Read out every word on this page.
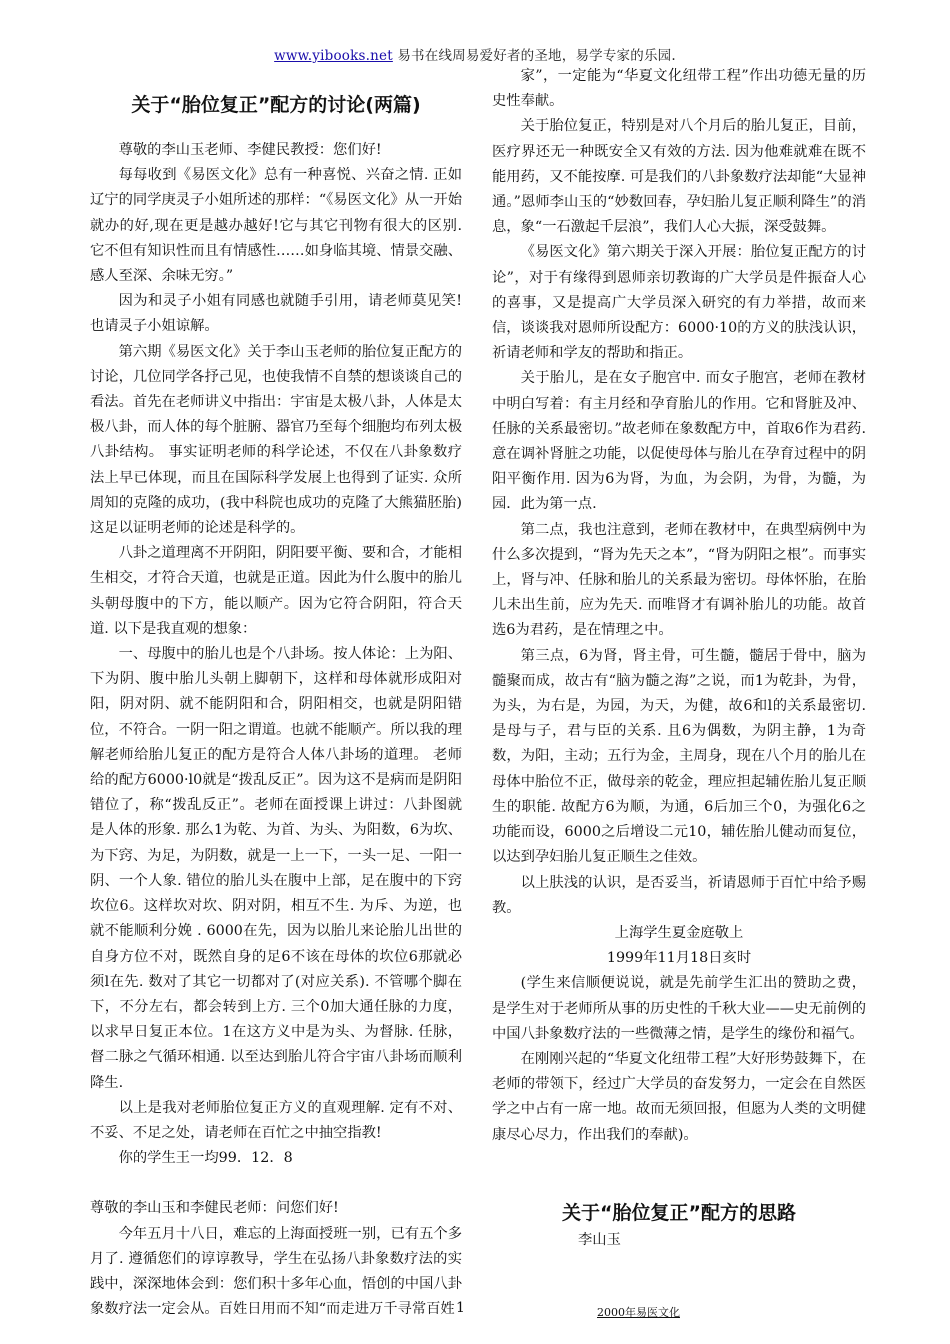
www.yibooks.net 易书在线周易爱好者的圣地，易学专家的乐园.
关于“胎位复正”配方的讨论(两篇)

尊敬的李山玉老师、李健民教授：您们好!

每每收到《易医文化》总有一种喜悦、兴奋之情. 正如辽宁的同学庚灵子小姐所述的那样：“《易医文化》从一开始就办的好,现在更是越办越好!它与其它刊物有很大的区别. 它不但有知识性而且有情感性……如身临其境、情景交融、感人至深、余味无穷。”

因为和灵子小姐有同感也就随手引用，请老师莫见笑!也请灵子小姐谅解。

第六期《易医文化》关于李山玉老师的胎位复正配方的讨论，几位同学各抒己见，也使我情不自禁的想谈谈自己的看法。首先在老师讲义中指出：宇宙是太极八卦，人体是太极八卦，而人体的每个脏腑、器官乃至每个细胞均布列太极八卦结构。 事实证明老师的科学论述，不仅在八卦象数疗法上早已体现，而且在国际科学发展上也得到了证实. 众所周知的克隆的成功，(我中科院也成功的克隆了大熊猫胚胎)这足以证明老师的论述是科学的。

八卦之道理离不开阴阳，阴阳要平衡、要和合，才能相生相交，才符合天道，也就是正道。因此为什么腹中的胎儿头朝母腹中的下方，能以顺产。因为它符合阴阳，符合天道. 以下是我直观的想象：

一、母腹中的胎儿也是个八卦场。按人体论：上为阳、下为阴、腹中胎儿头朝上脚朝下，这样和母体就形成阳对阳，阴对阴、就不能阴阳和合，阴阳相交，也就是阴阳错位，不符合。一阴一阳之谓道。也就不能顺产。所以我的理解老师给胎儿复正的配方是符合人体八卦场的道理。 老师给的配方6000·l0就是“拨乱反正”。因为这不是病而是阴阳错位了，称“拨乱反正”。老师在面授课上讲过：八卦图就是人体的形象. 那么1为乾、为首、为头、为阳数，6为坎、为下窍、为足，为阴数，就是一上一下，一头一足、一阳一阴、一个人象. 错位的胎儿头在腹中上部，足在腹中的下窍坎位6。这样坎对坎、阴对阴，相互不生. 为斥、为逆，也就不能顺利分娩 . 6000在先，因为以胎儿来论胎儿出世的自身方位不对，既然自身的足6不该在母体的坎位6那就必须l在先. 数对了其它一切都对了(对应关系). 不管哪个脚在下，不分左右，都会转到上方. 三个0加大通任脉的力度，以求早日复正本位。1在这方义中是为头、为督脉. 任脉，督二脉之气循环相通. 以至达到胎儿符合宇宙八卦场而顺利降生.

以上是我对老师胎位复正方义的直观理解. 定有不对、不妥、不足之处，请老师在百忙之中抽空指教!

你的学生王一均99．12．8

尊敬的李山玉和李健民老师：问您们好!

今年五月十八日，难忘的上海面授班一别，已有五个多月了. 遵循您们的谆谆教导，学生在弘扬八卦象数疗法的实践中，深深地体会到：您们积十多年心血，悟创的中国八卦象数疗法一定会从。百姓日用而不知“而走进万千寻常百姓

家”，一定能为“华夏文化纽带工程”作出功德无量的历史性奉献。

关于胎位复正，特别是对八个月后的胎儿复正，目前，医疗界还无一种既安全又有效的方法. 因为他难就难在既不能用药，又不能按摩. 可是我们的八卦象数疗法却能“大显神通。”恩师李山玉的“妙数回春，孕妇胎儿复正顺利降生”的消息，象“一石激起千层浪”，我们人心大振，深受鼓舞。

《易医文化》第六期关于深入开展：胎位复正配方的讨论”，对于有缘得到恩师亲切教诲的广大学员是件振奋人心的喜事，又是提高广大学员深入研究的有力举措，故而来信，谈谈我对恩师所设配方：6000·10的方义的肤浅认识，祈请老师和学友的帮助和指正。

关于胎儿，是在女子胞宫中. 而女子胞宫，老师在教材中明白写着：有主月经和孕育胎儿的作用。它和肾脏及冲、任脉的关系最密切。”故老师在象数配方中，首取6作为君药. 意在调补肾脏之功能，以促使母体与胎儿在孕育过程中的阴阳平衡作用. 因为6为肾，为血，为会阴，为骨，为髓，为园．此为第一点.

第二点，我也注意到，老师在教材中，在典型病例中为什么多次提到，“肾为先天之本”，“肾为阴阳之根”。而事实上，肾与冲、任脉和胎儿的关系最为密切。母体怀胎，在胎儿未出生前，应为先天. 而唯肾才有调补胎儿的功能。故首选6为君药，是在情理之中。

第三点，6为肾，肾主骨，可生髓，髓居于骨中，脑为髓聚而成，故古有“脑为髓之海”之说，而1为乾卦，为骨，为头，为右是，为园，为天，为健，故6和l的关系最密切. 是母与子，君与臣的关系. 且6为偶数，为阴主静，1为奇数，为阳，主动；五行为金，主周身，现在八个月的胎儿在母体中胎位不正，做母亲的乾金，理应担起辅佐胎儿复正顺生的职能. 故配方6为顺，为通，6后加三个0，为强化6之功能而设，6000之后增设二元10，辅佐胎儿健动而复位，以达到孕妇胎儿复正顺生之佳效。

以上肤浅的认识，是否妥当，祈请恩师于百忙中给予赐教。

上海学生夏金庭敬上

1999年11月18日亥时

(学生来信顺便说说，就是先前学生汇出的赞助之费，是学生对于老师所从事的历史性的千秋大业——史无前例的中国八卦象数疗法的一些微薄之情，是学生的缘份和福气。

在刚刚兴起的“华夏文化纽带工程”大好形势鼓舞下，在老师的带领下，经过广大学员的奋发努力，一定会在自然医学之中占有一席一地。故而无须回报，但愿为人类的文明健康尽心尽力，作出我们的奉献)。

关于“胎位复正”配方的思路

李山玉

1	2000年易医文化
